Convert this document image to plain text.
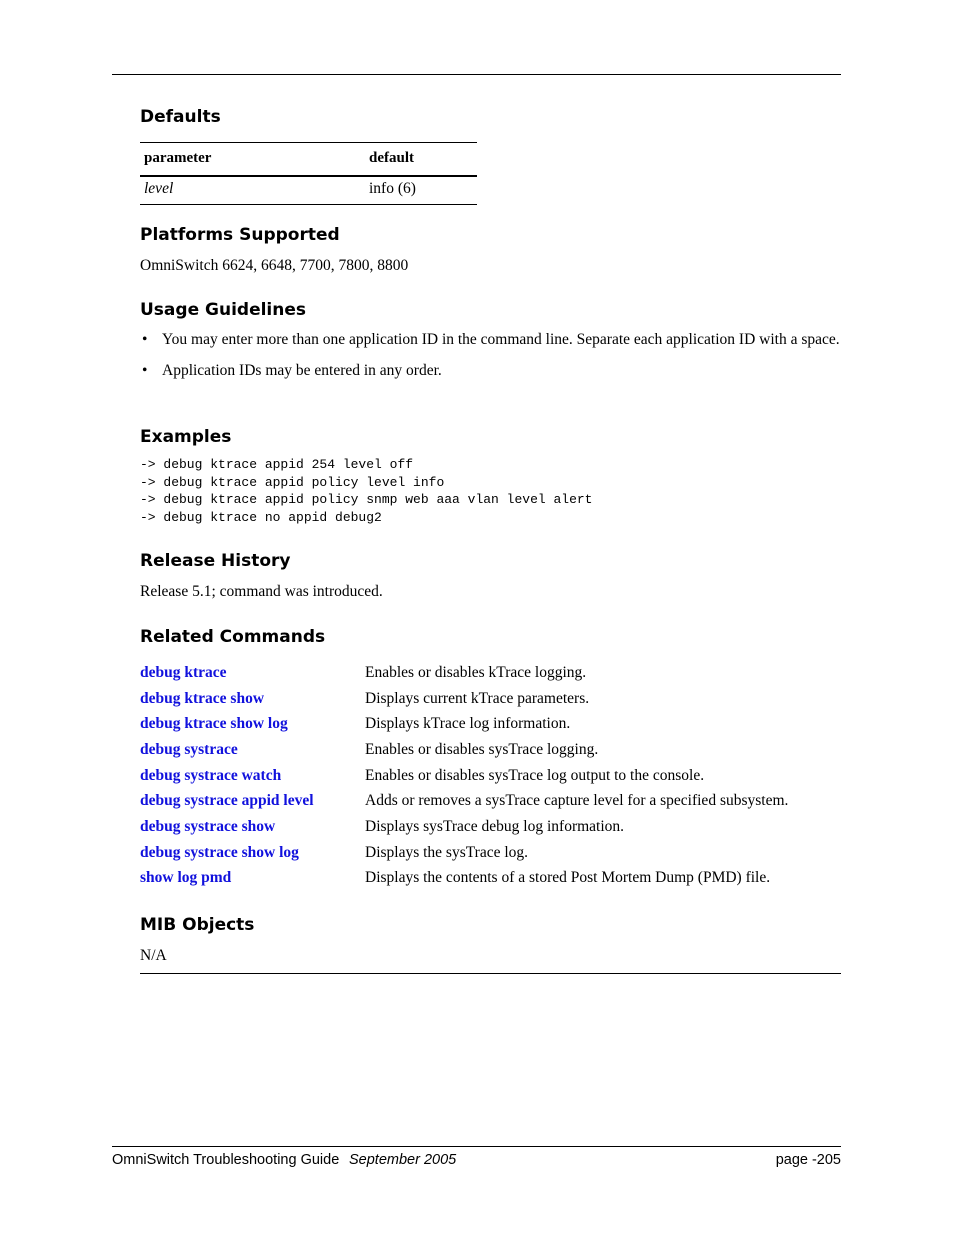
Defaults
parameter	default
level	info (6)
Platforms Supported

OmniSwitch 6624, 6648, 7700, 7800, 8800

Usage Guidelines
• You may enter more than one application ID in the command line. Separate each application ID with a space.
• Application IDs may be entered in any order.
Examples
-> debug ktrace appid 254 level off
-> debug ktrace appid policy level info
-> debug ktrace appid policy snmp web aaa vlan level alert
-> debug ktrace no appid debug2
Release History

Release 5.1; command was introduced.

Related Commands
debug ktrace	Enables or disables kTrace logging.
debug ktrace show	Displays current kTrace parameters.
debug ktrace show log	Displays kTrace log information.
debug systrace	Enables or disables sysTrace logging.
debug systrace watch	Enables or disables sysTrace log output to the console.
debug systrace appid level	Adds or removes a sysTrace capture level for a specified subsystem.
debug systrace show	Displays sysTrace debug log information.
debug systrace show log	Displays the sysTrace log.
show log pmd	Displays the contents of a stored Post Mortem Dump (PMD) file.
MIB Objects

N/A

OmniSwitch Troubleshooting Guide September 2005	page -205
